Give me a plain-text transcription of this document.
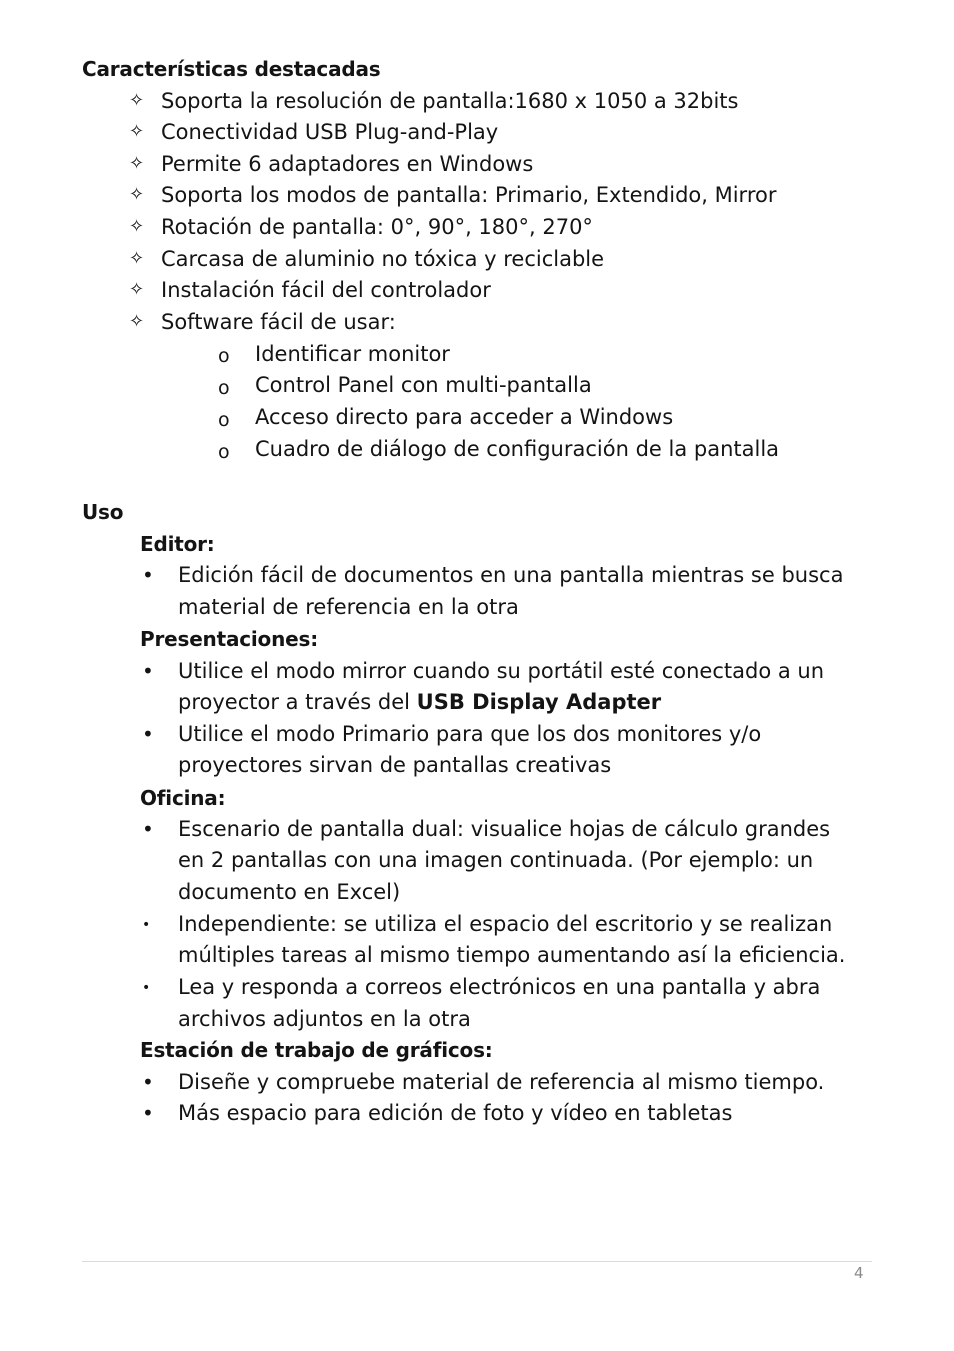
Características destacadas
✧ Soporta la resolución de pantalla:1680 x 1050 a 32bits
✧ Conectividad USB Plug-and-Play
✧ Permite 6 adaptadores en Windows
✧ Soporta los modos de pantalla: Primario, Extendido, Mirror
✧ Rotación de pantalla: 0°, 90°, 180°, 270°
✧ Carcasa de aluminio no tóxica y reciclable
✧ Instalación fácil del controlador
✧ Software fácil de usar:
o Identificar monitor
o Control Panel con multi-pantalla
o Acceso directo para acceder a Windows
o Cuadro de diálogo de configuración de la pantalla
Uso
Editor:
• Edición fácil de documentos en una pantalla mientras se busca
material de referencia en la otra
Presentaciones:
• Utilice el modo mirror cuando su portátil esté conectado a un
proyector a través del USB Display Adapter
• Utilice el modo Primario para que los dos monitores y/o
proyectores sirvan de pantallas creativas
Oficina:
• Escenario de pantalla dual: visualice hojas de cálculo grandes
en 2 pantallas con una imagen continuada. (Por ejemplo: un
documento en Excel)
• Independiente: se utiliza el espacio del escritorio y se realizan
múltiples tareas al mismo tiempo aumentando así la eficiencia.
• Lea y responda a correos electrónicos en una pantalla y abra
archivos adjuntos en la otra
Estación de trabajo de gráficos:
• Diseñe y compruebe material de referencia al mismo tiempo.
• Más espacio para edición de foto y vídeo en tabletas
4
